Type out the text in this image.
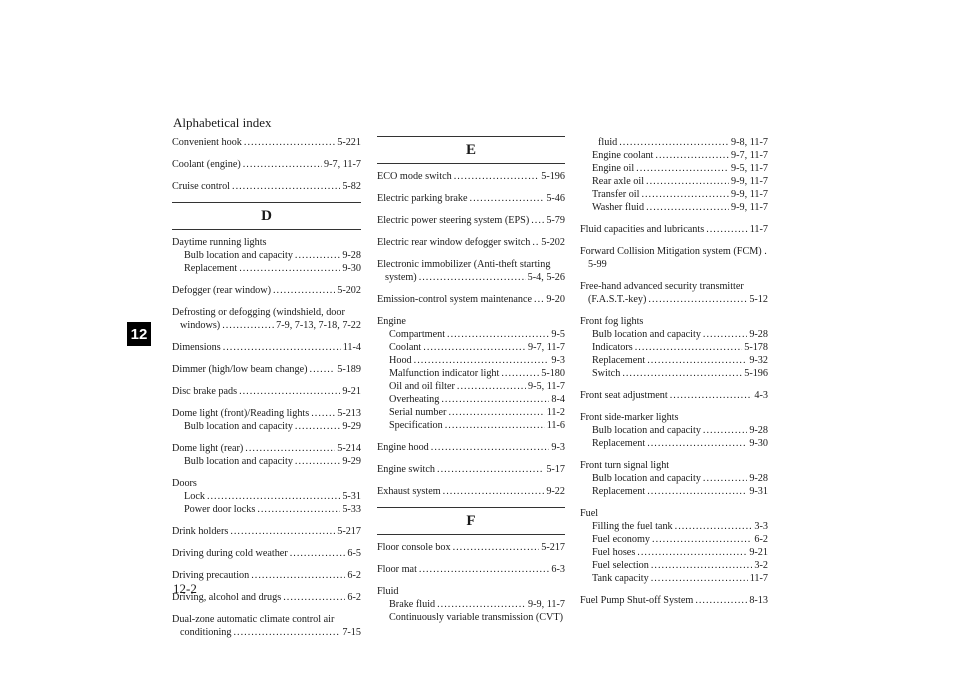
Alphabetical index
12
12-2
Convenient hook .....	5-221
Coolant (engine) .....	9-7, 11-7
Cruise control .....	5-82
D
Daytime running lights
Bulb location and capacity .....	9-28
Replacement .....	9-30
Defogger (rear window) .....	5-202
Defrosting or defogging (windshield, door
windows) .....	7-9, 7-13, 7-18, 7-22
Dimensions .....	11-4
Dimmer (high/low beam change) .....	5-189
Disc brake pads .....	9-21
Dome light (front)/Reading lights .....	5-213
Bulb location and capacity .....	9-29
Dome light (rear) .....	5-214
Bulb location and capacity .....	9-29
Doors
Lock .....	5-31
Power door locks .....	5-33
Drink holders .....	5-217
Driving during cold weather .....	6-5
Driving precaution .....	6-2
Driving, alcohol and drugs .....	6-2
Dual-zone automatic climate control air
conditioning .....	7-15
E
ECO mode switch .....	5-196
Electric parking brake .....	5-46
Electric power steering system (EPS) ..... 5-79
Electric rear window defogger switch ..... 5-202
Electronic immobilizer (Anti-theft starting
system) .....	5-4, 5-26
Emission-control system maintenance ..... 9-20
Engine
Compartment .....	9-5
Coolant .....	9-7, 11-7
Hood .....	9-3
Malfunction indicator light .....	5-180
Oil and oil filter .....	9-5, 11-7
Overheating .....	8-4
Serial number .....	11-2
Specification .....	11-6
Engine hood .....	9-3
Engine switch .....	5-17
Exhaust system .....	9-22
F
Floor console box .....	5-217
Floor mat .....	6-3
Fluid
Brake fluid .....	9-9, 11-7
Continuously variable transmission (CVT)
fluid .....	9-8, 11-7
Engine coolant .....	9-7, 11-7
Engine oil .....	9-5, 11-7
Rear axle oil .....	9-9, 11-7
Transfer oil .....	9-9, 11-7
Washer fluid .....	9-9, 11-7
Fluid capacities and lubricants .....	11-7
Forward Collision Mitigation system (FCM) .
5-99
Free-hand advanced security transmitter
(F.A.S.T.-key) .....	5-12
Front fog lights
Bulb location and capacity .....	9-28
Indicators .....	5-178
Replacement .....	9-32
Switch .....	5-196
Front seat adjustment .....	4-3
Front side-marker lights
Bulb location and capacity .....	9-28
Replacement .....	9-30
Front turn signal light
Bulb location and capacity .....	9-28
Replacement .....	9-31
Fuel
Filling the fuel tank .....	3-3
Fuel economy .....	6-2
Fuel hoses .....	9-21
Fuel selection .....	3-2
Tank capacity .....	11-7
Fuel Pump Shut-off System .....	8-13
